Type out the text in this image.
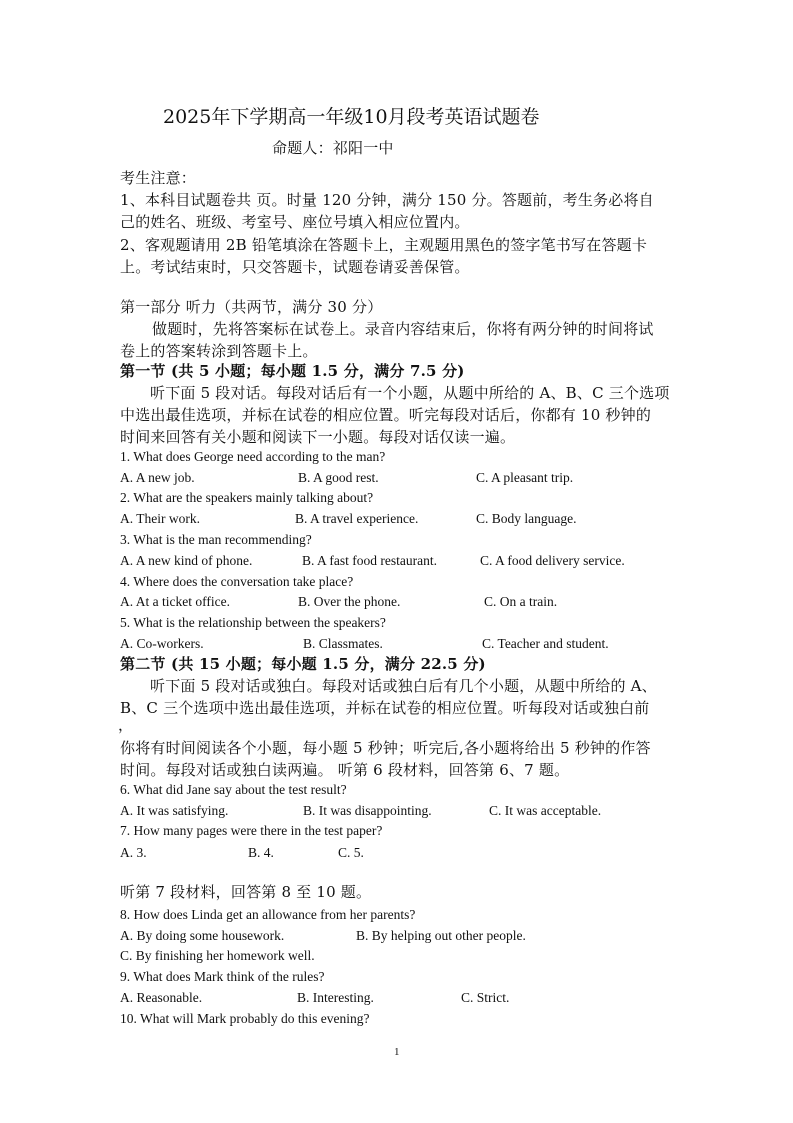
2025年下学期高一年级10月段考英语试题卷
命题人：祁阳一中
考生注意：
1、本科目试题卷共 页。时量 120 分钟，满分 150 分。答题前，考生务必将自
己的姓名、班级、考室号、座位号填入相应位置内。
2、客观题请用 2B 铅笔填涂在答题卡上，主观题用黑色的签字笔书写在答题卡
上。考试结束时，只交答题卡，试题卷请妥善保管。
第一部分 听力（共两节，满分 30 分）
做题时，先将答案标在试卷上。录音内容结束后，你将有两分钟的时间将试
卷上的答案转涂到答题卡上。
第一节 (共 5 小题；每小题 1.5 分，满分 7.5 分)
听下面 5 段对话。每段对话后有一个小题，从题中所给的 A、B、C 三个选项
中选出最佳选项，并标在试卷的相应位置。听完每段对话后，你都有 10 秒钟的
时间来回答有关小题和阅读下一小题。每段对话仅读一遍。
1. What does George need according to the man?
A. A new job.	B. A good rest.	C. A pleasant trip.
2. What are the speakers mainly talking about?
A. Their work.	B. A travel experience.	C. Body language.
3. What is the man recommending?
A. A new kind of phone.	B. A fast food restaurant.	C. A food delivery service.
4. Where does the conversation take place?
A. At a ticket office.	B. Over the phone.	C. On a train.
5. What is the relationship between the speakers?
A. Co-workers.	B. Classmates.	C. Teacher and student.
第二节 (共 15 小题；每小题 1.5 分，满分 22.5 分)
听下面 5 段对话或独白。每段对话或独白后有几个小题，从题中所给的 A、
B、C 三个选项中选出最佳选项，并标在试卷的相应位置。听每段对话或独白前
，
你将有时间阅读各个小题，每小题 5 秒钟；听完后,各小题将给出 5 秒钟的作答
时间。每段对话或独白读两遍。 听第 6 段材料，回答第 6、7 题。
6. What did Jane say about the test result?
A. It was satisfying.	B. It was disappointing.	C. It was acceptable.
7. How many pages were there in the test paper?
A. 3.	B. 4.	C. 5.
听第 7 段材料，回答第 8 至 10 题。
8. How does Linda get an allowance from her parents?
A. By doing some housework.	B. By helping out other people.
C. By finishing her homework well.
9. What does Mark think of the rules?
A. Reasonable.	B. Interesting.	C. Strict.
10. What will Mark probably do this evening?
1
